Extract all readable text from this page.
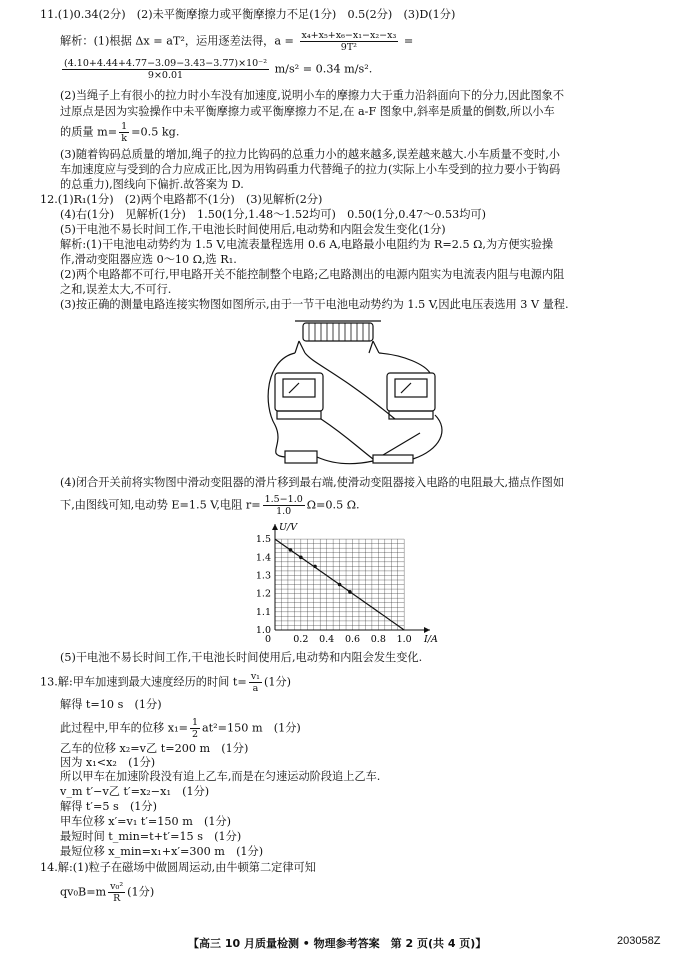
11.(1)0.34(2分)　(2)未平衡摩擦力或平衡摩擦力不足(1分)　0.5(2分)　(3)D(1分)
解析：(1)根据 Δx = aT²，运用逐差法得，$a = \frac{\text{x₄+x₅+x₆−x₁−x₂−x₃}}{\text{9T²}}$ =
$\frac{\text{(4.10+4.44+4.77−3.09−3.43−3.77)×10⁻²}}{9\times 0.01} m/s^2 = 0.34$ m/s².
(2)当绳子上有很小的拉力时小车没有加速度,说明小车的摩擦力大于重力沿斜面向下的分力,因此图象不
过原点是因为实验操作中未平衡摩擦力或平衡摩擦力不足,在 a-F 图象中,斜率是质量的倒数,所以小车
的质量 $m= \frac{1}{k} =0.5$ kg.
(3)随着钩码总质量的增加,绳子的拉力比钩码的总重力小的越来越多,误差越来越大.小车质量不变时,小
车加速度应与受到的合力应成正比,因为用钩码重力代替绳子的拉力(实际上小车受到的拉力要小于钩码
的总重力),图线向下偏折.故答案为 D.
12.(1)R₁(1分)　(2)两个电路都不(1分)　(3)见解析(2分)
(4)右(1分)　见解析(1分)　1.50(1分,1.48～1.52均可)　0.50(1分,0.47～0.53均可)
(5)干电池不易长时间工作,干电池长时间使用后,电动势和内阻会发生变化(1分)
解析:(1)干电池电动势约为 1.5 V,电流表量程选用 0.6 A,电路最小电阻约为 R=2.5 Ω,为方便实验操
作,滑动变阻器应选 0～10 Ω,选 R₁.
(2)两个电路都不可行,甲电路开关不能控制整个电路;乙电路测出的电源内阻实为电流表内阻与电源内阻
之和,误差太大,不可行.
(3)按正确的测量电路连接实物图如图所示,由于一节干电池电动势约为 1.5 V,因此电压表选用 3 V 量程.
(4)闭合开关前将实物图中滑动变阻器的滑片移到最右端,使滑动变阻器接入电路的电阻最大,描点作图如
下,由图线可知,电动势 E=1.5 V,电阻 $r= \frac{1.5-1.0}{1.0} \Omega=0.5$ Ω.
0.2 0.4 0.6 0.8 1.0
1.0
1.1
1.2
1.3
1.4
1.5
0	I/A
U/V
(5)干电池不易长时间工作,干电池长时间使用后,电动势和内阻会发生变化.
13.解:甲车加速到最大速度经历的时间 $t= \frac{\text{v₁}}{a} (1$分)
解得 t=10 s　(1分)
此过程中,甲车的位移 $x_1= \frac{1}{2} at^2=150$ m　(1分)
乙车的位移 x₂=v乙 t=200 m　(1分)
因为 x₁<x₂　(1分)
所以甲车在加速阶段没有追上乙车,而是在匀速运动阶段追上乙车.
v_m t′−v乙 t′=x₂−x₁　(1分)
解得 t′=5 s　(1分)
甲车位移 x′=v₁ t′=150 m　(1分)
最短时间 t_min=t+t′=15 s　(1分)
最短位移 x_min=x₁+x′=300 m　(1分)
14.解:(1)粒子在磁场中做圆周运动,由牛顿第二定律可知
$qv_0B=m \frac{\text{v₀²}}{R} (1$分)
【高三 10 月质量检测 • 物理参考答案　第 2 页(共 4 页)】	203058Z
